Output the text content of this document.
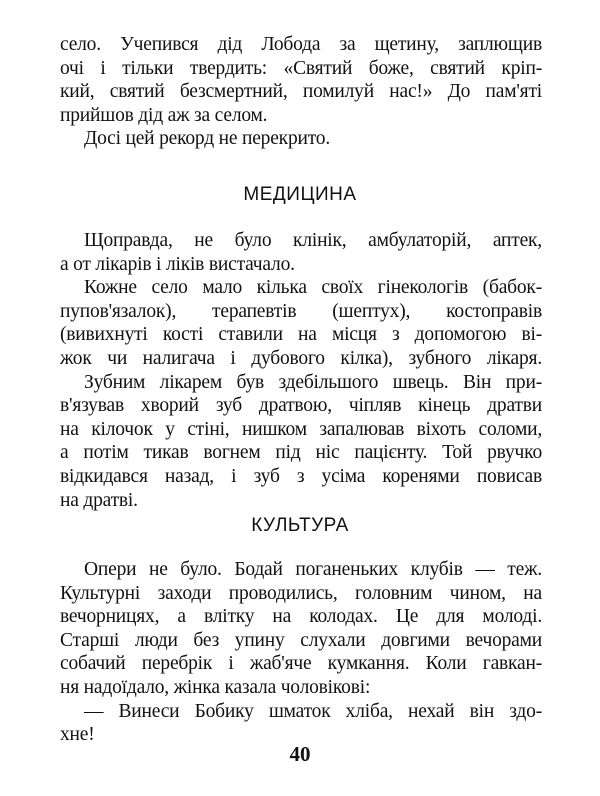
село. Учепився дід Лобода за щетину, заплющив
очі і тільки твердить: «Святий боже, святий кріп-
кий, святий безсмертний, помилуй нас!» До пам'яті
прийшов дід аж за селом.
Досі цей рекорд не перекрито.
МЕДИЦИНА
Щоправда, не було клінік, амбулаторій, аптек,
а от лікарів і ліків вистачало.
Кожне село мало кілька своїх гінекологів (бабок-
пупов'язалок), терапевтів (шептух), костоправів
(вивихнуті кості ставили на місця з допомогою ві-
жок чи налигача і дубового кілка), зубного лікаря.
Зубним лікарем був здебільшого швець. Він при-
в'язував хворий зуб дратвою, чіпляв кінець дратви
на кілочок у стіні, нишком запалював віхоть соломи,
а потім тикав вогнем під ніс пацієнту. Той рвучко
відкидався назад, і зуб з усіма коренями повисав
на дратві.
КУЛЬТУРА
Опери не було. Бодай поганеньких клубів — теж.
Культурні заходи проводились, головним чином, на
вечорницях, а влітку на колодах. Це для молоді.
Старші люди без упину слухали довгими вечорами
собачий перебрік і жаб'яче кумкання. Коли гавкан-
ня надоїдало, жінка казала чоловікові:
— Винеси Бобику шматок хліба, нехай він здо-
хне!
40
